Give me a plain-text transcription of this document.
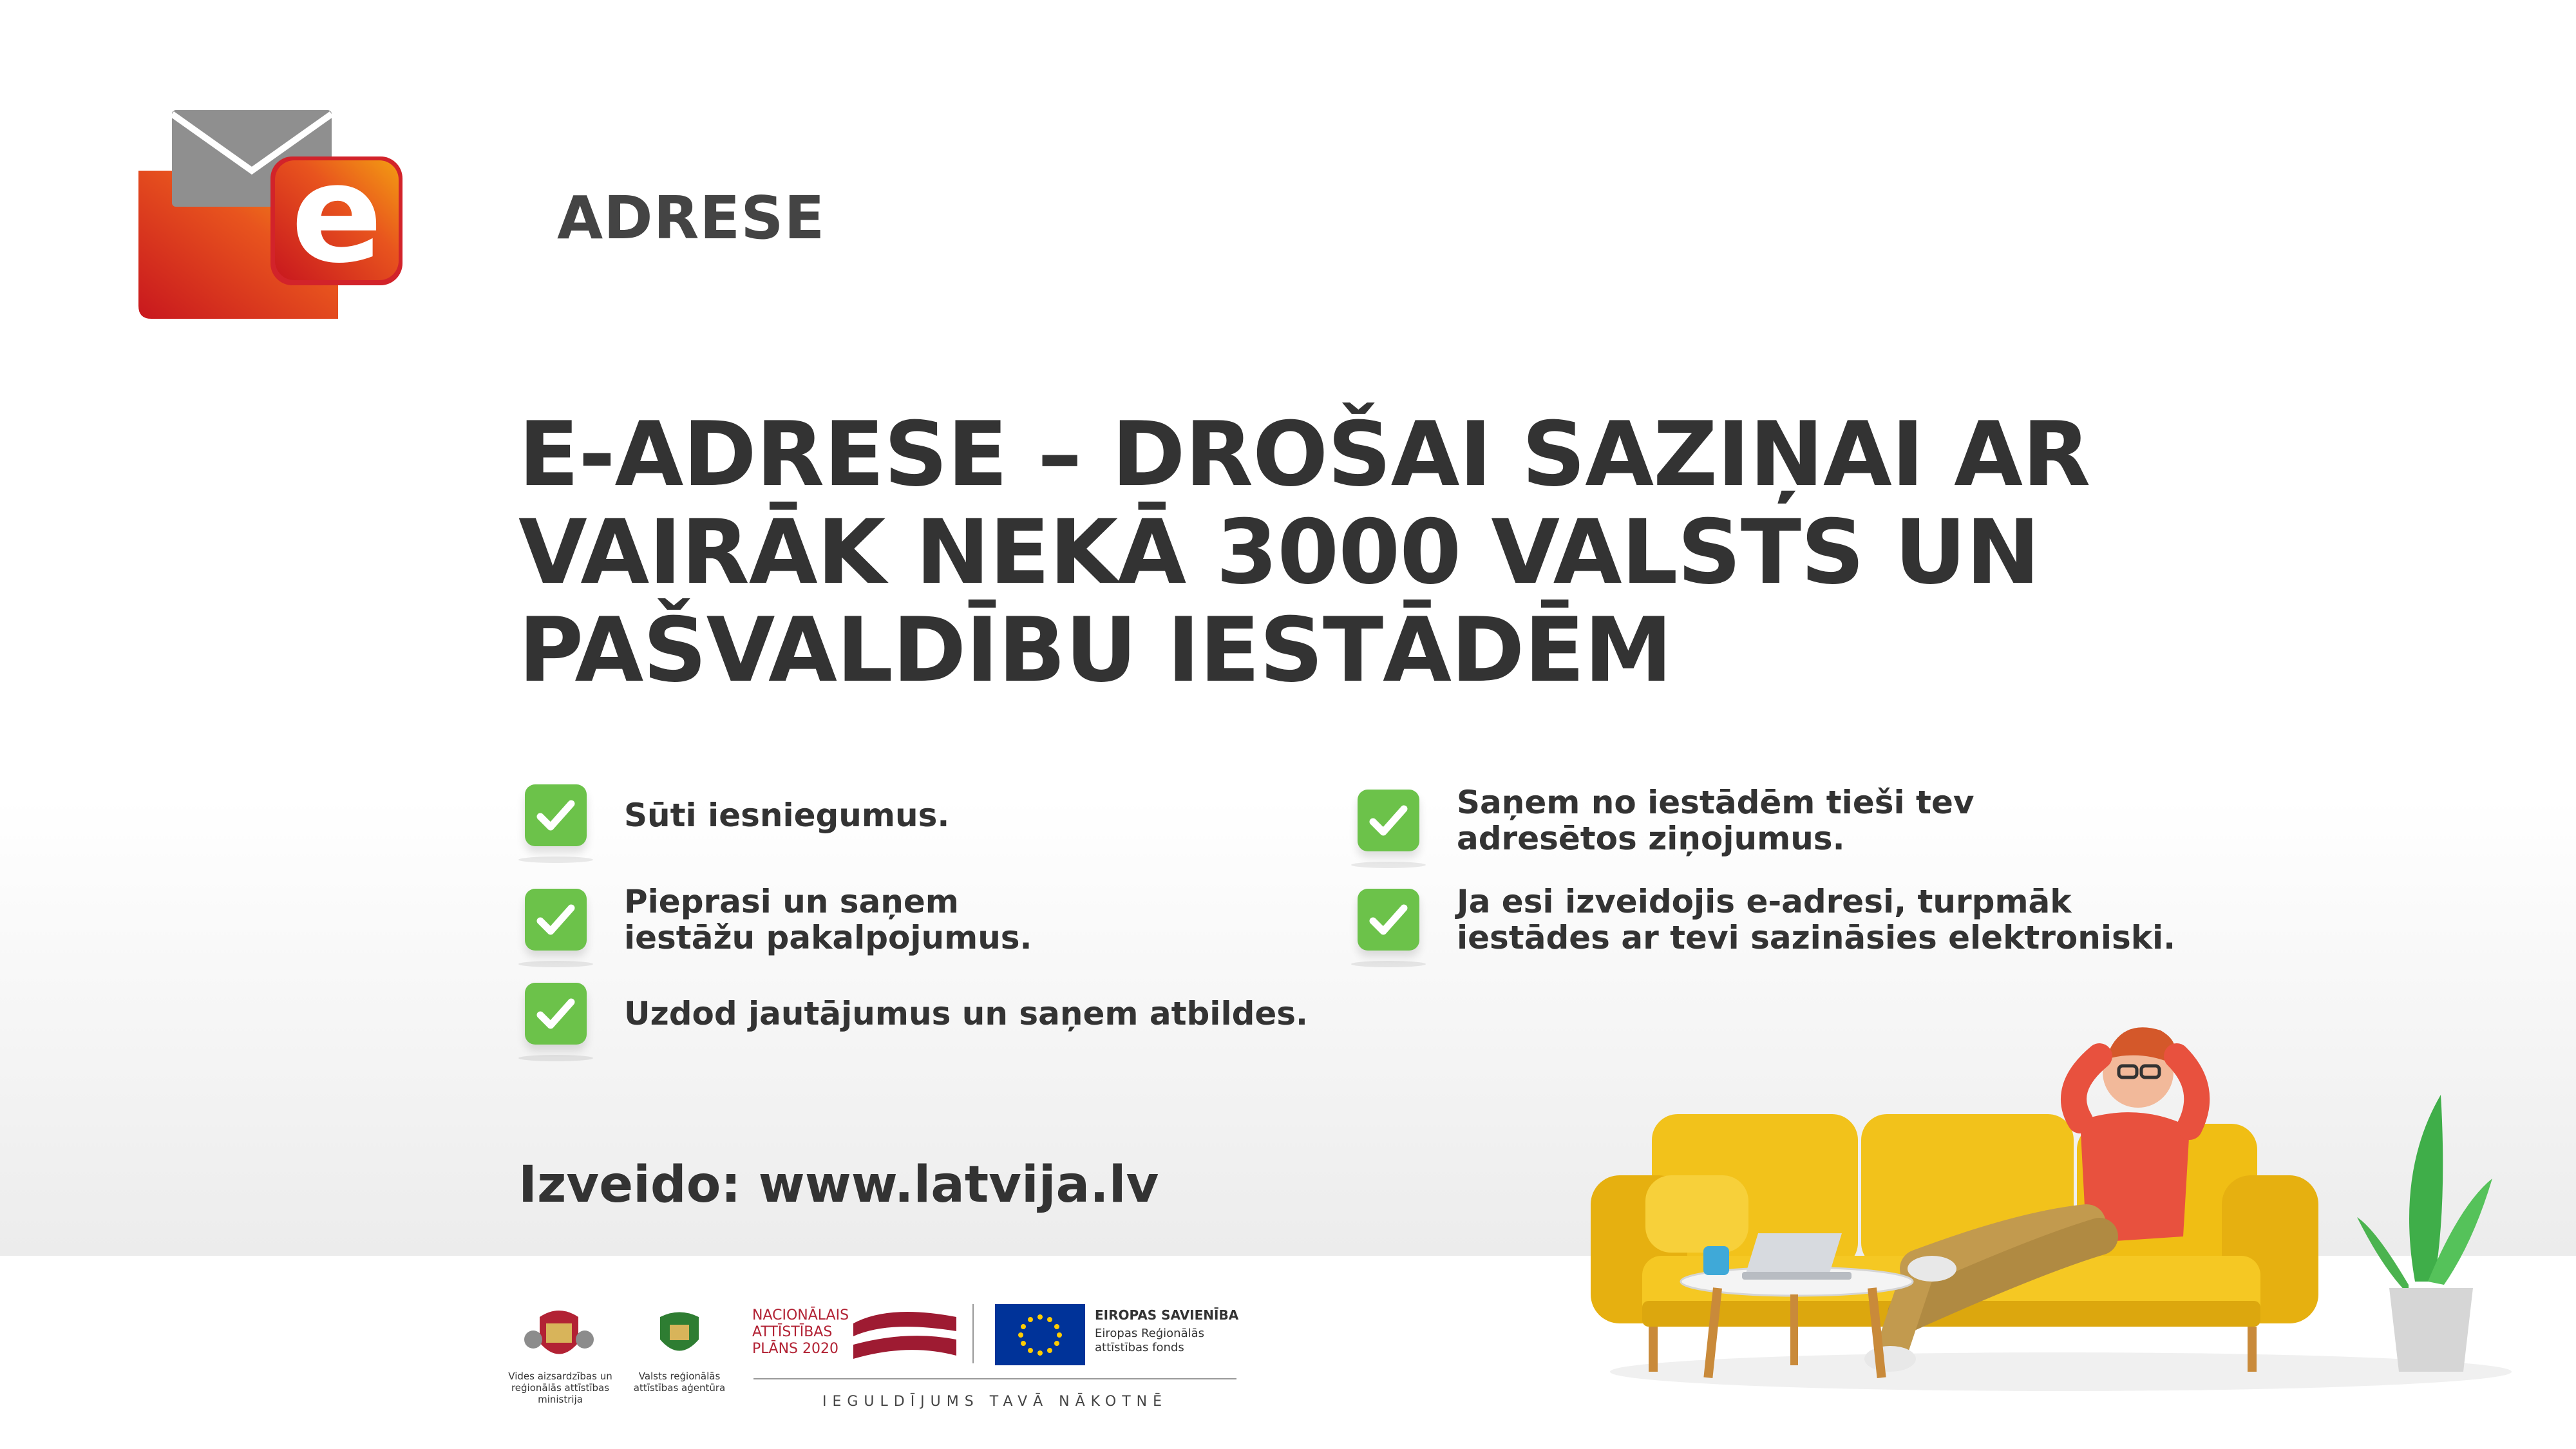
e	ADRESE
E-ADRESE – DROŠAI SAZIŅAI AR
VAIRĀK NEKĀ 3000 VALSTS UN
PAŠVALDĪBU IESTĀDĒM
Sūti iesniegumus.
Pieprasi un saņem
iestāžu pakalpojumus.
Uzdod jautājumus un saņem atbildes.
Saņem no iestādēm tieši tev
adresētos ziņojumus.
Ja esi izveidojis e-adresi, turpmāk
iestādes ar tevi sazināsies elektroniski.
Izveido: www.latvija.lv
Vides aizsardzības un
reģionālās attīstības
ministrija
Valsts reģionālās
attīstības aģentūra
NACIONĀLAIS
ATTĪSTĪBAS
PLĀNS 2020
EIROPAS SAVIENĪBA
Eiropas Reģionālās
attīstības fonds
IEGULDĪJUMS TAVĀ NĀKOTNĒ
